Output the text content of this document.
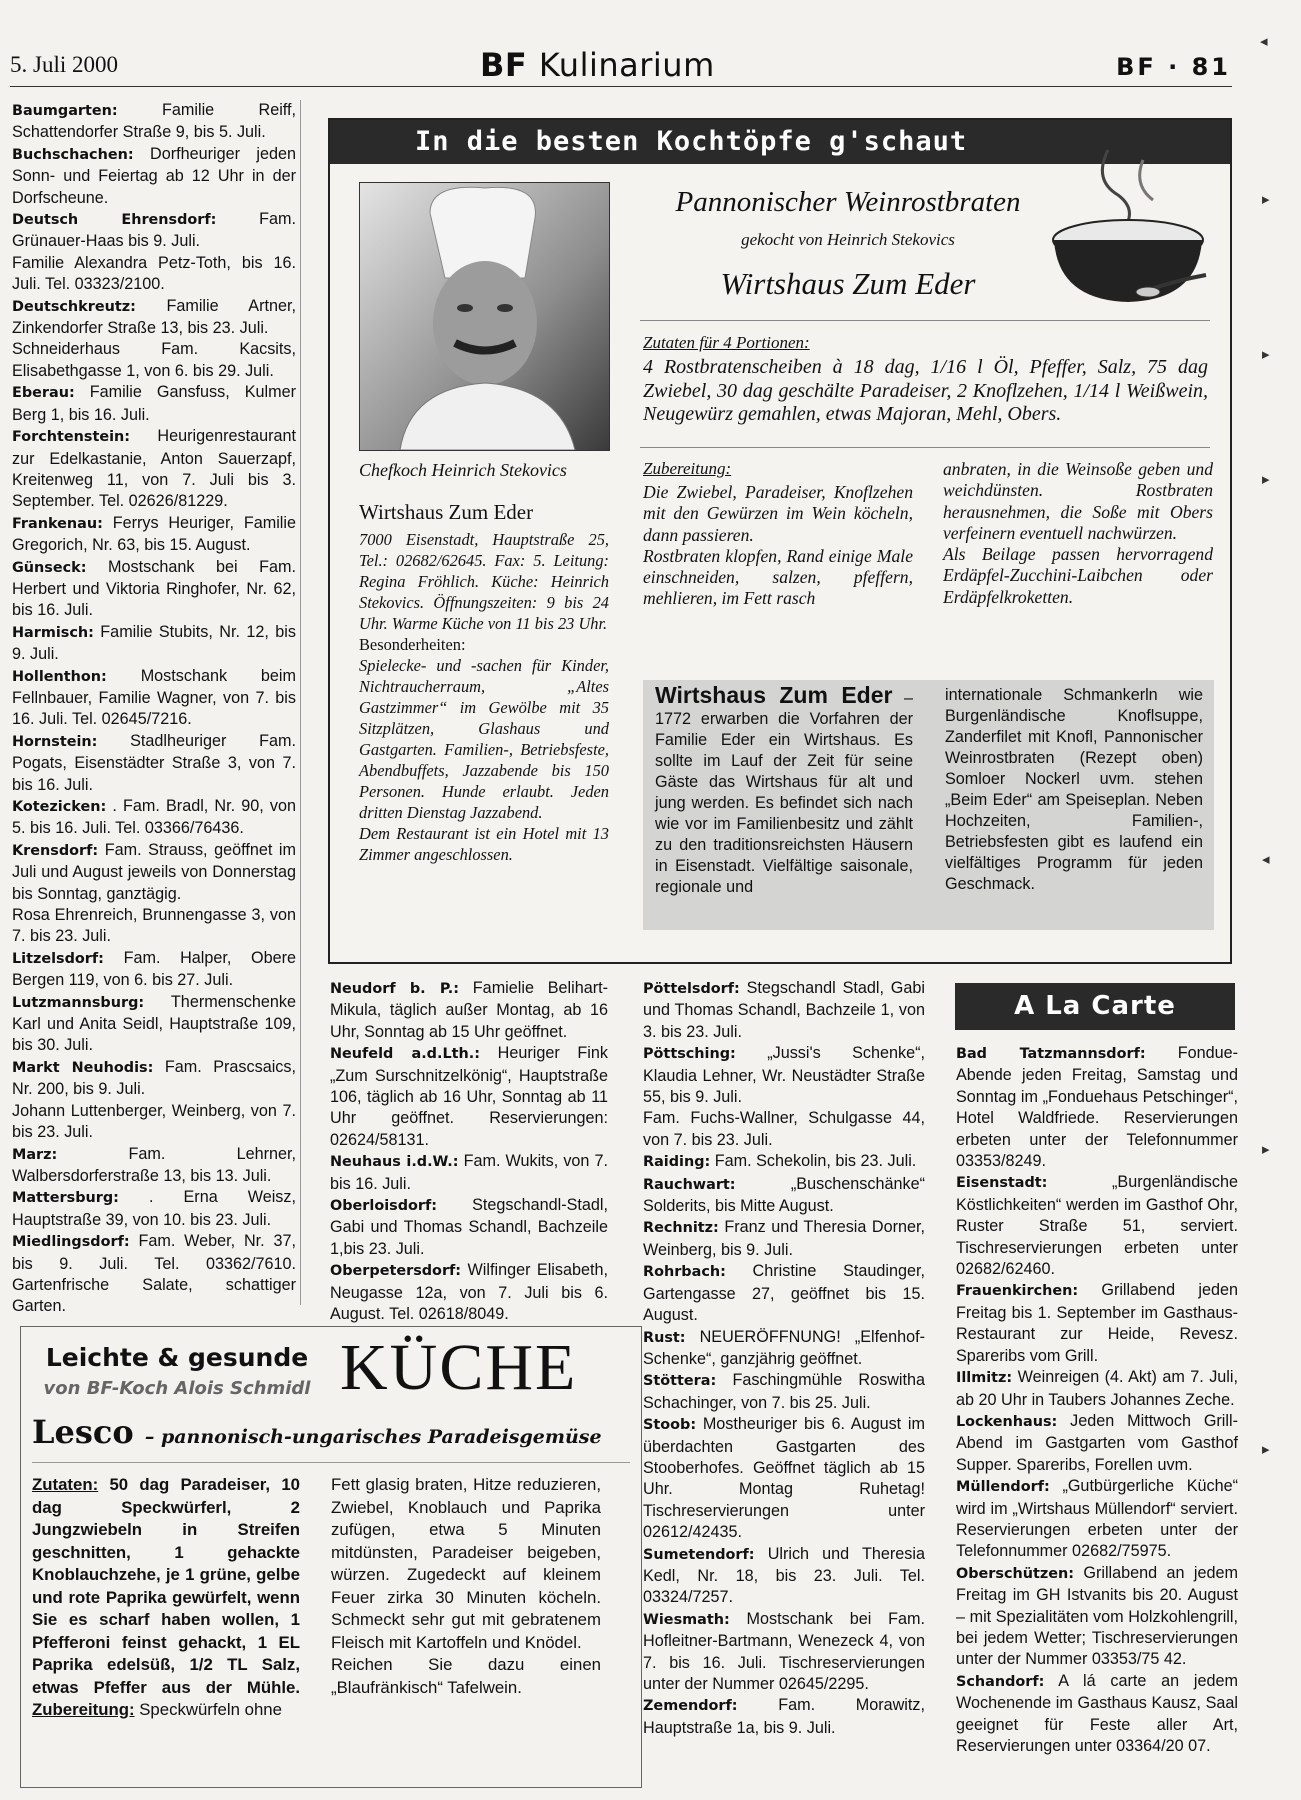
5. Juli 2000	BF Kulinarium	BF · 81

Baumgarten:	Familie Reiff, Schattendorfer Straße 9, bis 5. Juli.

Buchschachen: Dorfheuriger jeden Sonn- und Feiertag ab 12 Uhr in der Dorfscheune.

Deutsch Ehrensdorf:	Fam. Grünauer-Haas bis 9. Juli.

Familie Alexandra Petz-Toth, bis 16. Juli. Tel. 03323/2100.

Deutschkreutz: Familie Artner, Zinkendorfer Straße 13, bis 23. Juli.

Schneiderhaus Fam. Kacsits, Elisabethgasse 1, von 6. bis 29. Juli.

Eberau: Familie Gansfuss, Kulmer Berg 1, bis 16. Juli.

Forchtenstein: Heurigenrestaurant zur Edelkastanie, Anton Sauerzapf, Kreitenweg 11, von 7. Juli bis 3. September. Tel. 02626/81229.

Frankenau: Ferrys Heuriger, Familie Gregorich, Nr. 63, bis 15. August.

Günseck: Mostschank bei Fam. Herbert und Viktoria Ringhofer, Nr. 62, bis 16. Juli.

Harmisch: Familie Stubits, Nr. 12, bis 9. Juli.

Hollenthon: Mostschank beim Fellnbauer, Familie Wagner, von 7. bis 16. Juli. Tel. 02645/7216.

Hornstein: Stadlheuriger Fam. Pogats, Eisenstädter Straße 3, von 7. bis 16. Juli.

Kotezicken: . Fam. Bradl, Nr. 90, von 5. bis 16. Juli. Tel. 03366/76436.

Krensdorf: Fam. Strauss, geöffnet im Juli und August jeweils von Donnerstag bis Sonntag, ganztägig.

Rosa Ehrenreich, Brunnengasse 3, von 7. bis 23. Juli.

Litzelsdorf: Fam. Halper, Obere Bergen 119, von 6. bis 27. Juli.

Lutzmannsburg: Thermenschenke Karl und Anita Seidl, Hauptstraße 109, bis 30. Juli.

Markt Neuhodis: Fam. Prascsaics, Nr. 200, bis 9. Juli.

Johann Luttenberger, Weinberg, von 7. bis 23. Juli.

Marz:	Fam. Lehrner, Walbersdorferstraße 13, bis 13. Juli.

Mattersburg: . Erna Weisz, Hauptstraße 39, von 10. bis 23. Juli.

Miedlingsdorf: Fam. Weber, Nr. 37, bis 9. Juli. Tel. 03362/7610. Gartenfrische Salate, schattiger Garten.

In die besten Kochtöpfe g'schaut
Pannonischer Weinrostbraten
gekocht von Heinrich Stekovics
Wirtshaus Zum Eder
Zutaten für 4 Portionen:
4 Rostbratenscheiben à 18 dag, 1/16 l Öl, Pfeffer, Salz, 75 dag Zwiebel, 30 dag geschälte Paradeiser, 2 Knoflzehen, 1/14 l Weißwein, Neugewürz gemahlen, etwas Majoran, Mehl, Obers.
Chefkoch Heinrich Stekovics
Wirtshaus Zum Eder
7000 Eisenstadt, Hauptstraße 25, Tel.: 02682/62645. Fax: 5. Leitung: Regina Fröhlich. Küche: Heinrich Stekovics. Öffnungszeiten: 9 bis 24 Uhr. Warme Küche von 11 bis 23 Uhr.
Besonderheiten:
Spielecke- und -sachen für Kinder, Nichtraucherraum, „Altes Gastzimmer“ im Gewölbe mit 35 Sitzplätzen, Glashaus und Gastgarten. Familien-, Betriebsfeste, Abendbuffets, Jazzabende bis 150 Personen. Hunde erlaubt. Jeden dritten Dienstag Jazzabend.
Dem Restaurant ist ein Hotel mit 13 Zimmer angeschlossen.
Zubereitung:
Die Zwiebel, Paradeiser, Knoflzehen mit den Gewürzen im Wein köcheln, dann passieren.
Rostbraten klopfen, Rand einige Male einschneiden, salzen, pfeffern, mehlieren, im Fett rasch
anbraten, in die Weinsoße geben und weichdünsten. Rostbraten herausnehmen, die Soße mit Obers verfeinern eventuell nachwürzen.
Als Beilage passen hervorragend Erdäpfel-Zucchini-Laibchen oder Erdäpfelkroketten.
Wirtshaus Zum Eder – 1772 erwarben die Vorfahren der Familie Eder ein Wirtshaus. Es sollte im Lauf der Zeit für seine Gäste das Wirtshaus für alt und jung werden. Es befindet sich nach wie vor im Familienbesitz und zählt zu den traditionsreichsten Häusern in Eisenstadt. Vielfältige saisonale, regionale und
internationale Schmankerln wie Burgenländische Knoflsuppe, Zanderfilet mit Knofl, Pannonischer Weinrostbraten (Rezept oben) Somloer Nockerl uvm. stehen „Beim Eder“ am Speiseplan. Neben Hochzeiten, Familien-, Betriebsfesten gibt es laufend ein vielfältiges Programm für jeden Geschmack.

Neudorf b. P.: Famielie Belihart-Mikula, täglich außer Montag, ab 16 Uhr, Sonntag ab 15 Uhr geöffnet.

Neufeld a.d.Lth.: Heuriger Fink „Zum Surschnitzelkönig“, Hauptstraße 106, täglich ab 16 Uhr, Sonntag ab 11 Uhr geöffnet. Reservierungen: 02624/58131.

Neuhaus i.d.W.: Fam. Wukits, von 7. bis 16. Juli.

Oberloisdorf: Stegschandl-Stadl, Gabi und Thomas Schandl, Bachzeile 1,bis 23. Juli.

Oberpetersdorf: Wilfinger Elisabeth, Neugasse 12a, von 7. Juli bis 6. August. Tel. 02618/8049.

Pöttelsdorf: Stegschandl Stadl, Gabi und Thomas Schandl, Bachzeile 1, von 3. bis 23. Juli.

Pöttsching: „Jussi's Schenke“, Klaudia Lehner, Wr. Neustädter Straße 55, bis 9. Juli.

Fam. Fuchs-Wallner, Schulgasse 44, von 7. bis 23. Juli.

Raiding: Fam. Schekolin, bis 23. Juli.

Rauchwart:	„Buschenschänke“ Solderits, bis Mitte August.

Rechnitz: Franz und Theresia Dorner, Weinberg, bis 9. Juli.

Rohrbach: Christine Staudinger, Gartengasse 27, geöffnet bis 15. August.

Rust: NEUERÖFFNUNG! „Elfenhof-Schenke“, ganzjährig geöffnet.

Stöttera: Faschingmühle Roswitha Schachinger, von 7. bis 25. Juli.

Stoob: Mostheuriger bis 6. August im überdachten Gastgarten des Stooberhofes. Geöffnet täglich ab 15 Uhr. Montag Ruhetag! Tischreservierungen unter 02612/42435.

Sumetendorf: Ulrich und Theresia Kedl, Nr. 18, bis 23. Juli. Tel. 03324/7257.

Wiesmath: Mostschank bei Fam. Hofleitner-Bartmann, Wenezeck 4, von 7. bis 16. Juli. Tischreservierungen unter der Nummer 02645/2295.

Zemendorf:	Fam. Morawitz, Hauptstraße 1a, bis 9. Juli.

A La Carte

Bad Tatzmannsdorf: Fondue-Abende jeden Freitag, Samstag und Sonntag im „Fonduehaus Petschinger“, Hotel Waldfriede. Reservierungen erbeten unter der Telefonnummer 03353/8249.

Eisenstadt:	„Burgenländische Köstlichkeiten“ werden im Gasthof Ohr, Ruster Straße 51, serviert. Tischreservierungen erbeten unter 02682/62460.

Frauenkirchen: Grillabend jeden Freitag bis 1. September im Gasthaus-Restaurant zur Heide, Revesz. Spareribs vom Grill.

Illmitz: Weinreigen (4. Akt) am 7. Juli, ab 20 Uhr in Taubers Johannes Zeche.

Lockenhaus: Jeden Mittwoch Grill-Abend im Gastgarten vom Gasthof Supper. Spareribs, Forellen uvm.

Müllendorf: „Gutbürgerliche Küche“ wird im „Wirtshaus Müllendorf“ serviert. Reservierungen erbeten unter der Telefonnummer 02682/75975.

Oberschützen: Grillabend an jedem Freitag im GH Istvanits bis 20. August – mit Spezialitäten vom Holzkohlengrill, bei jedem Wetter; Tischreservierungen unter der Nummer 03353/75 42.

Schandorf: A lá carte an jedem Wochenende im Gasthaus Kausz, Saal geeignet für Feste aller Art, Reservierungen unter 03364/20 07.

Leichte & gesunde
von BF-Koch Alois Schmidl KÜCHE
Lesco – pannonisch-ungarisches Paradeisgemüse
Zutaten: 50 dag Paradeiser, 10 dag Speckwürferl, 2 Jungzwiebeln in Streifen geschnitten, 1 gehackte Knoblauchzehe, je 1 grüne, gelbe und rote Paprika gewürfelt, wenn Sie es scharf haben wollen, 1 Pfefferoni feinst gehackt, 1 EL Paprika edelsüß, 1/2 TL Salz, etwas Pfeffer aus der Mühle. Zubereitung: Speckwürfeln ohne
Fett glasig braten, Hitze reduzieren, Zwiebel, Knoblauch und Paprika zufügen, etwa 5 Minuten mitdünsten, Paradeiser beigeben, würzen. Zugedeckt auf kleinem Feuer zirka 30 Minuten köcheln. Schmeckt sehr gut mit gebratenem Fleisch mit Kartoffeln und Knödel.
Reichen Sie dazu einen „Blaufränkisch“ Tafelwein.
◂
▸
▸
▸
◂
▸
▸
